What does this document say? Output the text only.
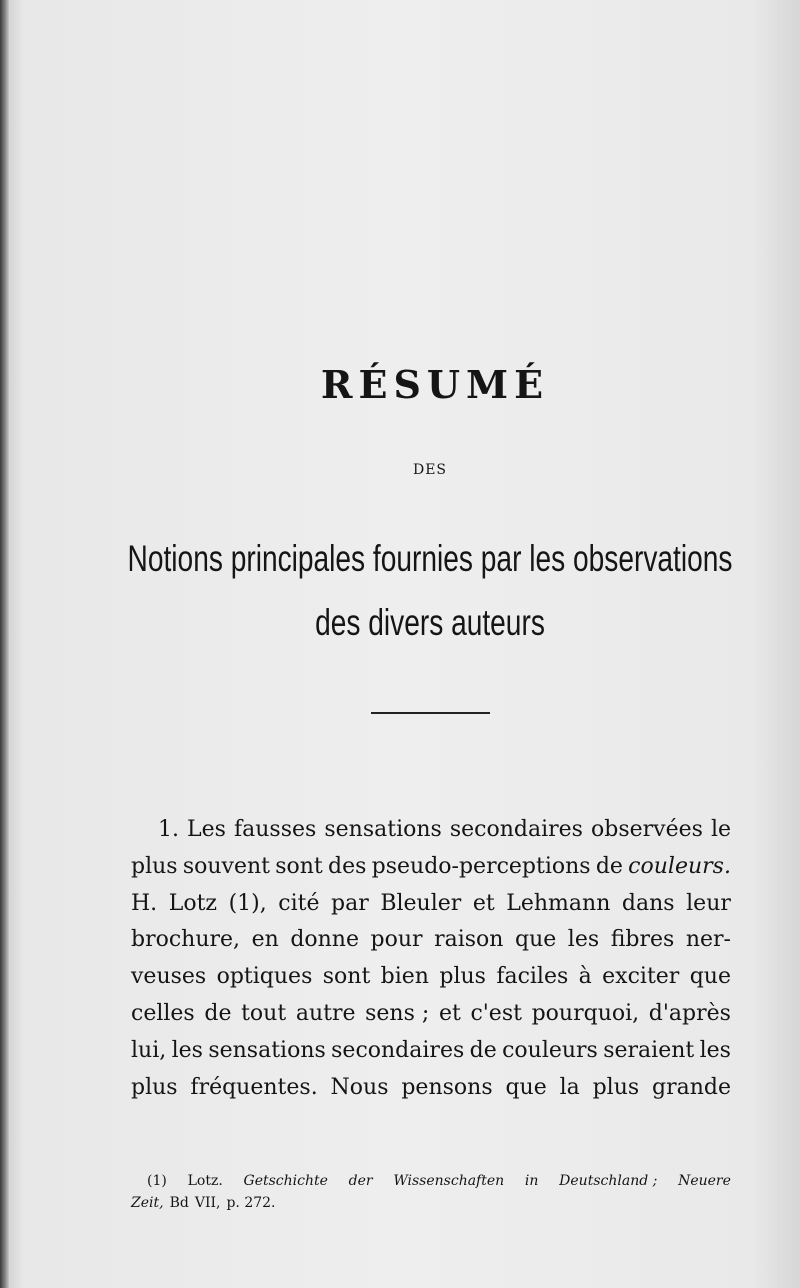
RÉSUMÉ
DES
Notions principales fournies par les observations
des divers auteurs
1. Les fausses sensations secondaires observées le
plus souvent sont des pseudo-perceptions de couleurs.
H. Lotz (1), cité par Bleuler et Lehmann dans leur
brochure, en donne pour raison que les fibres ner-
veuses optiques sont bien plus faciles à exciter que
celles de tout autre sens ; et c'est pourquoi, d'après
lui, les sensations secondaires de couleurs seraient les
plus fréquentes. Nous pensons que la plus grande
(1) Lotz. Getschichte der Wissenschaften in Deutschland ; Neuere
Zeit, Bd VII, p. 272.
